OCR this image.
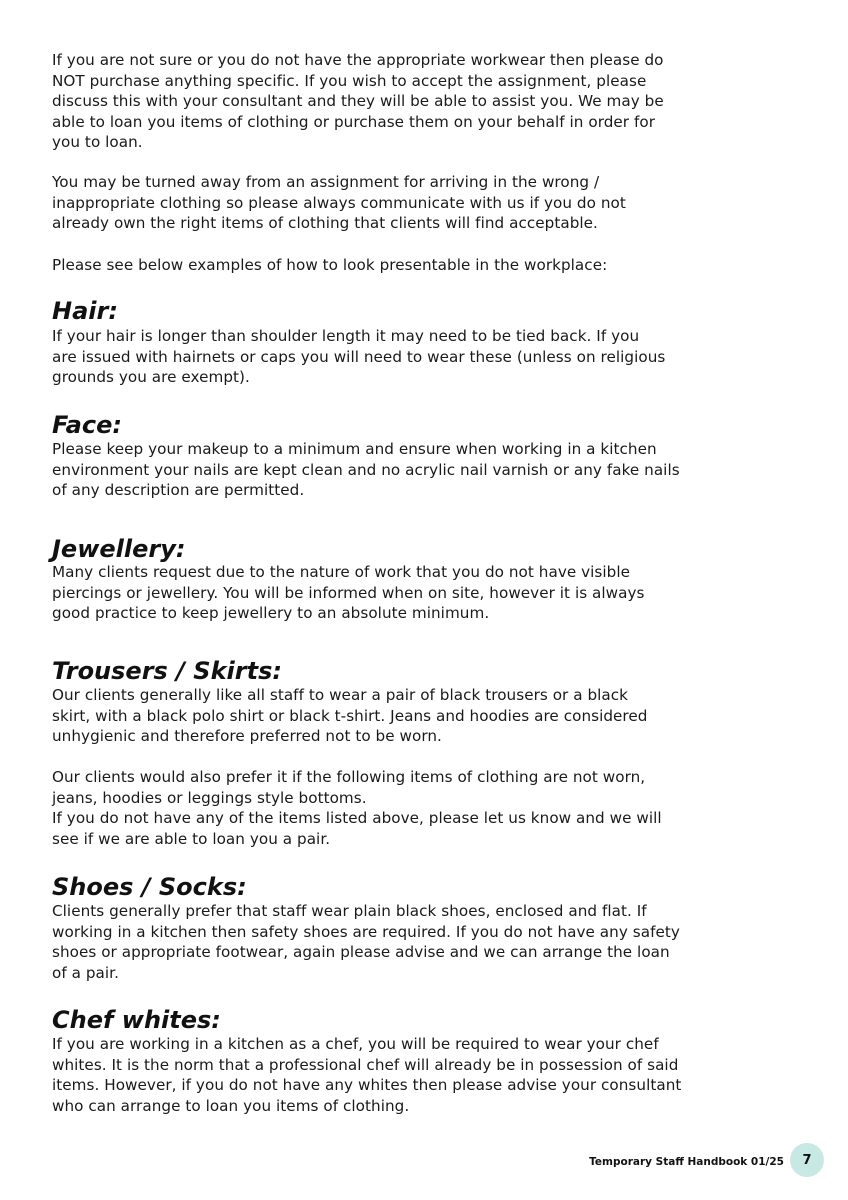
If you are not sure or you do not have the appropriate workwear then please do
NOT purchase anything specific. If you wish to accept the assignment, please
discuss this with your consultant and they will be able to assist you. We may be
able to loan you items of clothing or purchase them on your behalf in order for
you to loan.

You may be turned away from an assignment for arriving in the wrong /
inappropriate clothing so please always communicate with us if you do not
already own the right items of clothing that clients will find acceptable.

Please see below examples of how to look presentable in the workplace:

Hair:

If your hair is longer than shoulder length it may need to be tied back. If you
are issued with hairnets or caps you will need to wear these (unless on religious
grounds you are exempt).

Face:

Please keep your makeup to a minimum and ensure when working in a kitchen
environment your nails are kept clean and no acrylic nail varnish or any fake nails
of any description are permitted.

Jewellery:

Many clients request due to the nature of work that you do not have visible
piercings or jewellery. You will be informed when on site, however it is always
good practice to keep jewellery to an absolute minimum.

Trousers / Skirts:

Our clients generally like all staff to wear a pair of black trousers or a black
skirt, with a black polo shirt or black t-shirt. Jeans and hoodies are considered
unhygienic and therefore preferred not to be worn.

Our clients would also prefer it if the following items of clothing are not worn,
jeans, hoodies or leggings style bottoms.
If you do not have any of the items listed above, please let us know and we will
see if we are able to loan you a pair.

Shoes / Socks:

Clients generally prefer that staff wear plain black shoes, enclosed and flat. If
working in a kitchen then safety shoes are required. If you do not have any safety
shoes or appropriate footwear, again please advise and we can arrange the loan
of a pair.

Chef whites:

If you are working in a kitchen as a chef, you will be required to wear your chef
whites. It is the norm that a professional chef will already be in possession of said
items. However, if you do not have any whites then please advise your consultant
who can arrange to loan you items of clothing.

Temporary Staff Handbook 01/25	7
